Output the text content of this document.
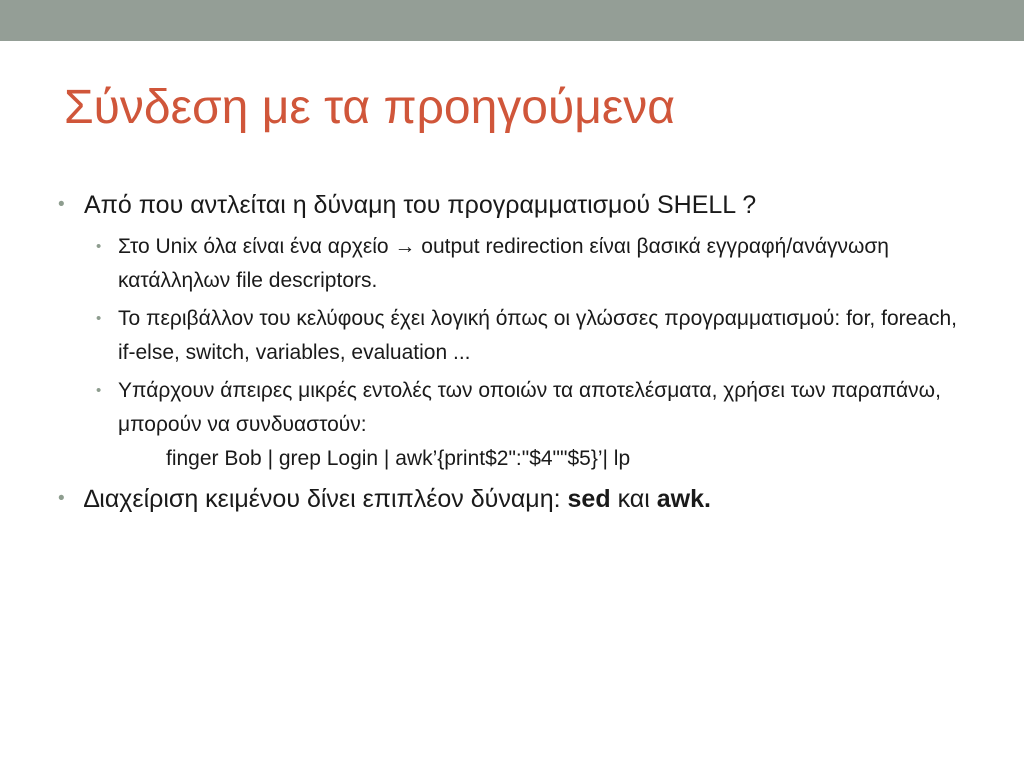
Σύνδεση με τα προηγούμενα
• Από που αντλείται η δύναμη του προγραμματισμού SHELL ?
• Στο Unix όλα είναι ένα αρχείο → output redirection είναι βασικά εγγραφή/ανάγνωση κατάλληλων file descriptors.
• Το περιβάλλον του κελύφους έχει λογική όπως οι γλώσσες προγραμματισμού: for, foreach, if-else, switch, variables, evaluation ...
• Υπάρχουν άπειρες μικρές εντολές των οποιών τα αποτελέσματα, χρήσει των παραπάνω, μπορούν να συνδυαστούν:
finger Bob | grep Login | awk’{print$2":"$4""$5}’| lp
• ∆ιαχείριση κειμένου δίνει επιπλέον δύναμη: sed και awk.
